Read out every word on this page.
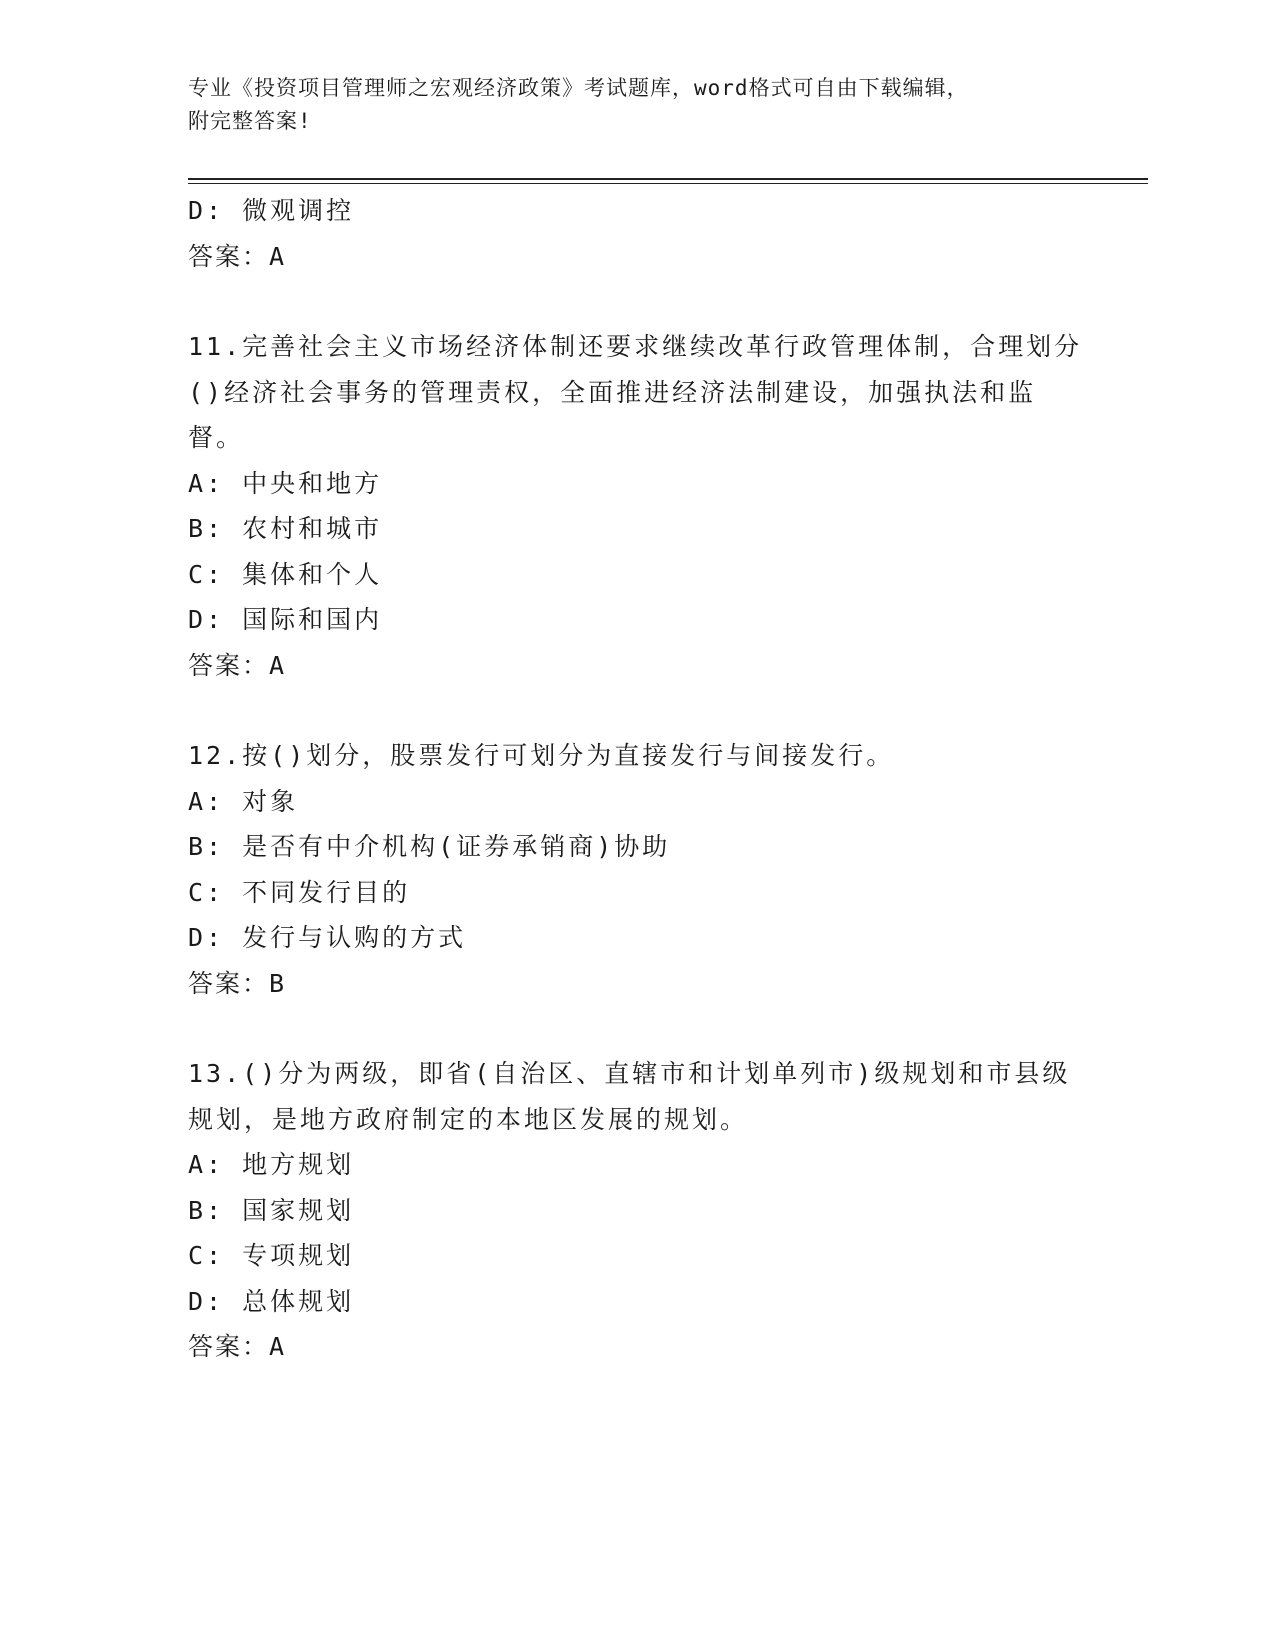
专业《投资项目管理师之宏观经济政策》考试题库，word格式可自由下载编辑，
附完整答案!
D: 微观调控
答案：A
11.完善社会主义市场经济体制还要求继续改革行政管理体制，合理划分()经济社会事务的管理责权，全面推进经济法制建设，加强执法和监督。
A: 中央和地方
B: 农村和城市
C: 集体和个人
D: 国际和国内
答案：A
12.按()划分，股票发行可划分为直接发行与间接发行。
A: 对象
B: 是否有中介机构(证券承销商)协助
C: 不同发行目的
D: 发行与认购的方式
答案：B
13.()分为两级，即省(自治区、直辖市和计划单列市)级规划和市县级规划，是地方政府制定的本地区发展的规划。
A: 地方规划
B: 国家规划
C: 专项规划
D: 总体规划
答案：A
